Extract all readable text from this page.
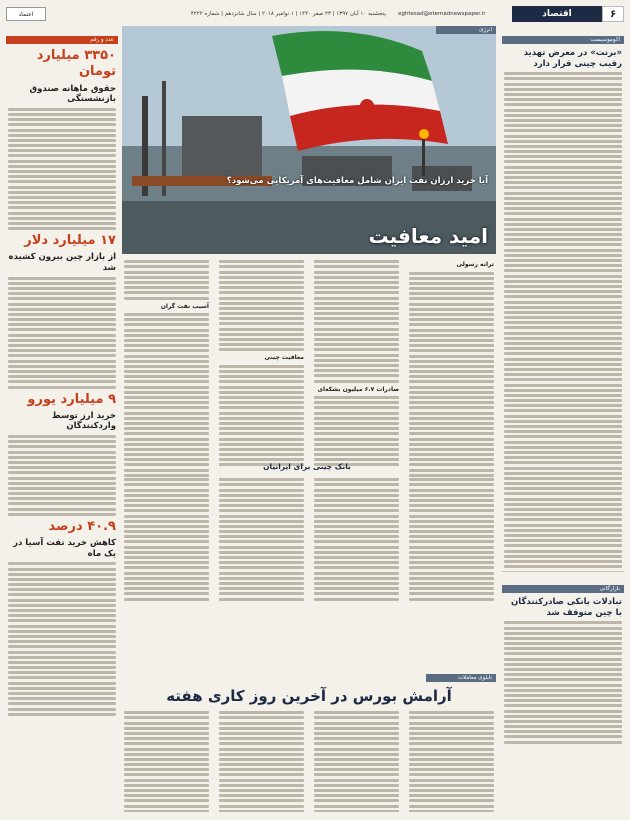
اعتماد	پنجشنبه ۱۰ آبان ۱۳۹۷ | ۲۳ صفر ۱۴۴۰ | ۱ نوامبر ۲۰۱۸ | سال شانزدهم | شماره ۴۲۲۲	eghtesad@etemadnewspaper.ir	اقتصاد	۶
اکوموسیست
«برنت» در معرض تهدید رقیب چینی قرار دارد
بازارگانی
تبادلات بانکی صادرکنندگان با چین متوقف شد
عدد و رقم
۳۳۵۰ میلیارد تومان
حقوق ماهانه صندوق بازنشستگی
۱۷ میلیارد دلار
از بازار چین بیرون کشیده شد
۹ میلیارد یورو
خرید ارز توسط واردکنندگان
۴۰.۹ درصد
کاهش خرید نفت آسیا در یک ماه
انرژی
آیا خرید ارزان نفت ایران شامل معافیت‌های آمریکایی می‌شود؟
امید معافیت
ترانه رسولی
صادرات ۶.۷ میلیون بشکه‌ای
معافیت چینی
آسیب نفت گران
بانک چینی برای ایرانیان
تابلوی معاملات
آرامش بورس در آخرین روز کاری هفته
